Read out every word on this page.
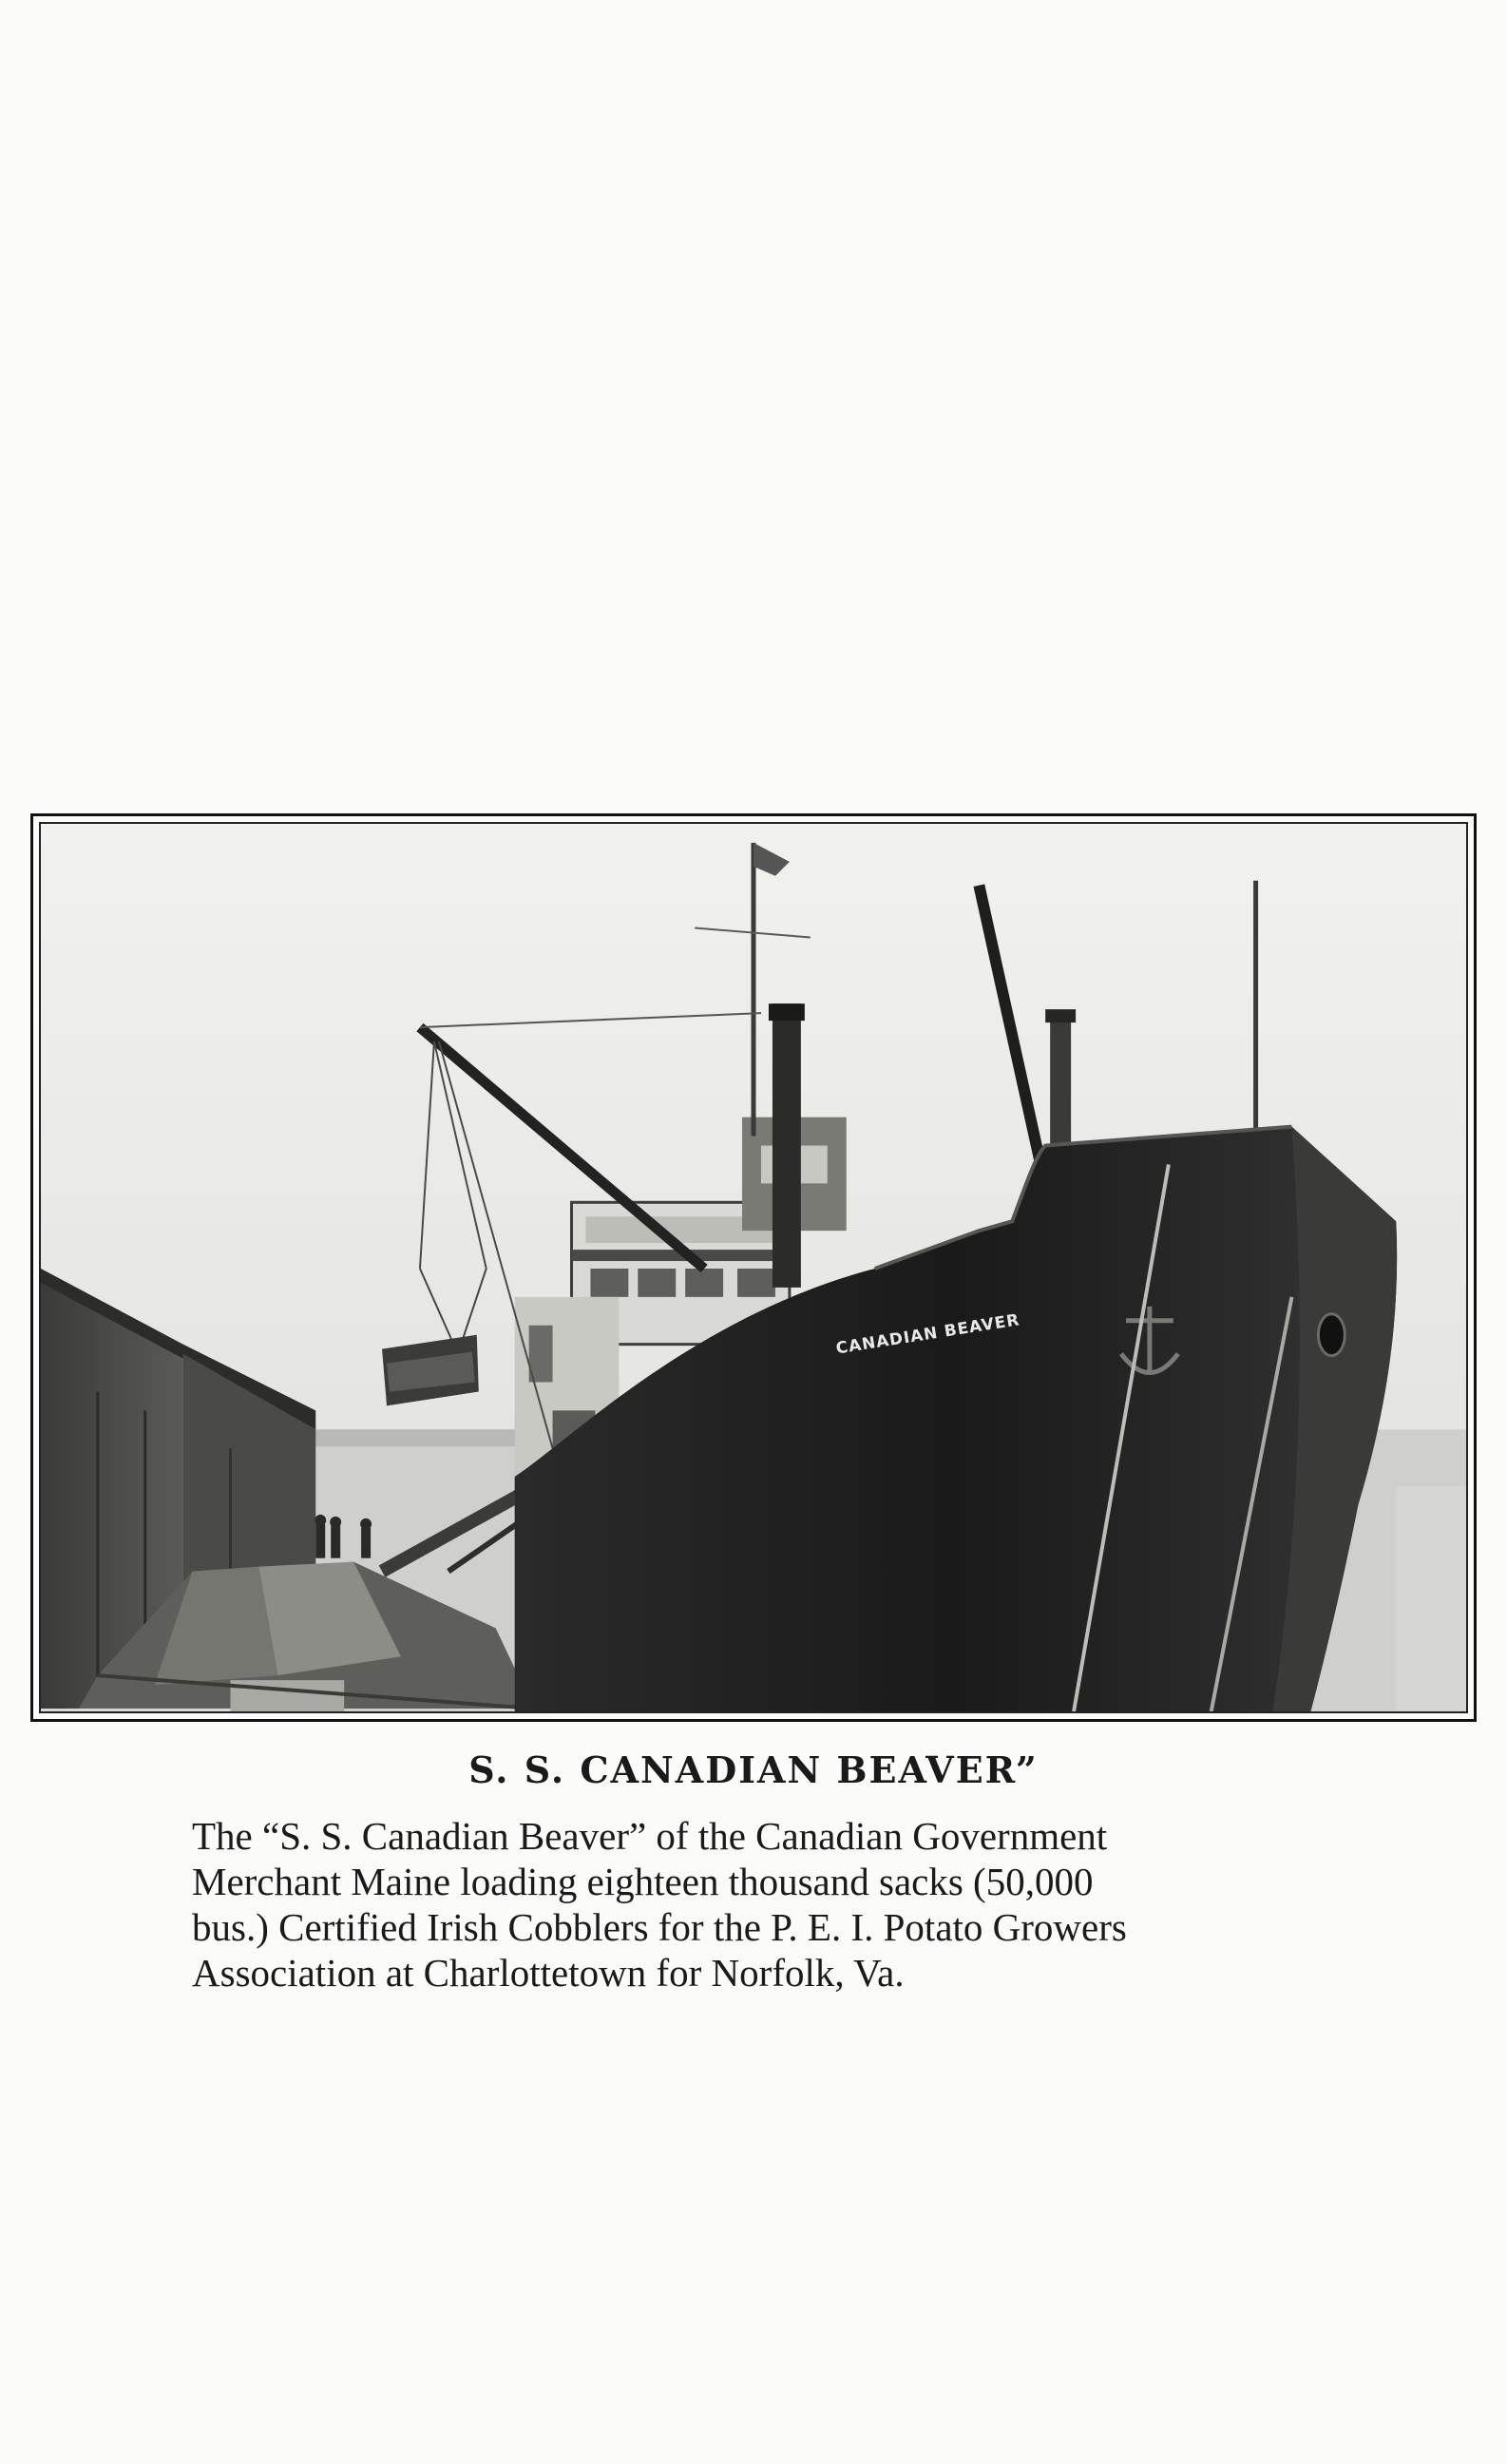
CANADIAN BEAVER
S. S. CANADIAN BEAVER”
The “S. S. Canadian Beaver” of the Canadian Government
Merchant Maine loading eighteen thousand sacks (50,000
bus.) Certified Irish Cobblers for the P. E. I. Potato Growers
Association at Charlottetown for Norfolk, Va.
